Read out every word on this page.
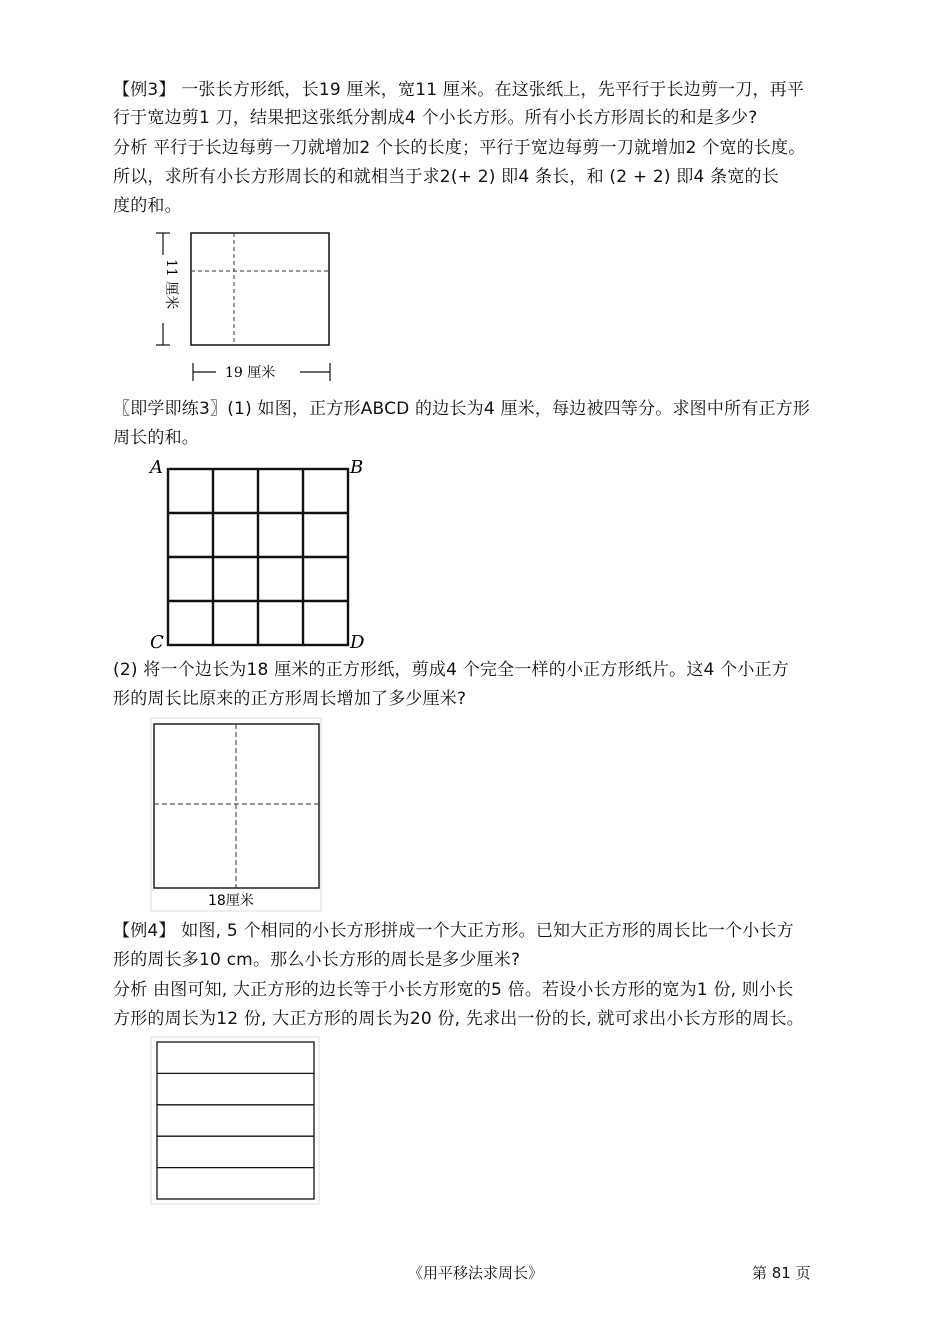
【例3】 一张长方形纸，长19 厘米，宽11 厘米。在这张纸上，先平行于长边剪一刀，再平
行于宽边剪1 刀，结果把这张纸分割成4 个小长方形。所有小长方形周长的和是多少?
分析 平行于长边每剪一刀就增加2 个长的长度；平行于宽边每剪一刀就增加2 个宽的长度。
所以，求所有小长方形周长的和就相当于求2(+ 2) 即4 条长，和 (2 + 2) 即4 条宽的长
度的和。
11 厘米
19 厘米
〖即学即练3〗(1) 如图，正方形ABCD 的边长为4 厘米，每边被四等分。求图中所有正方形
周长的和。
A	B
C	D
(2) 将一个边长为18 厘米的正方形纸，剪成4 个完全一样的小正方形纸片。这4 个小正方
形的周长比原来的正方形周长增加了多少厘米?
18厘米
【例4】 如图, 5 个相同的小长方形拼成一个大正方形。已知大正方形的周长比一个小长方
形的周长多10 cm。那么小长方形的周长是多少厘米?
分析 由图可知, 大正方形的边长等于小长方形宽的5 倍。若设小长方形的宽为1 份, 则小长
方形的周长为12 份, 大正方形的周长为20 份, 先求出一份的长, 就可求出小长方形的周长。
《用平移法求周长》	第 81 页
